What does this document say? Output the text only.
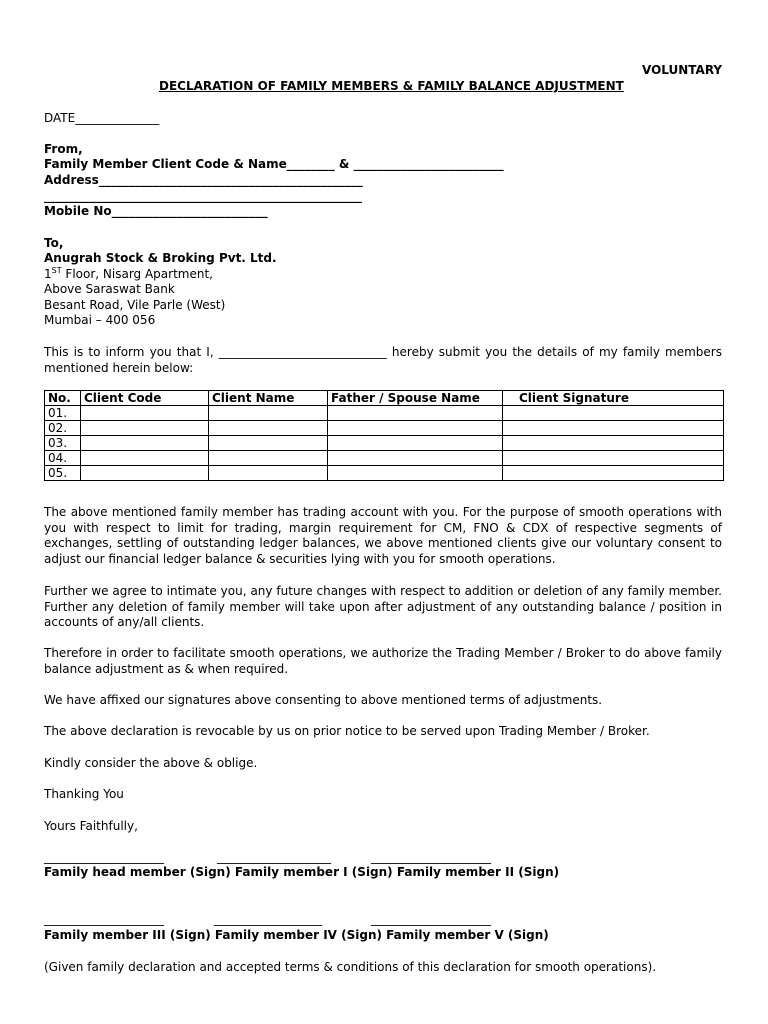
VOLUNTARY
DECLARATION OF FAMILY MEMBERS & FAMILY BALANCE ADJUSTMENT
DATE______________
From,
Family Member Client Code & Name________ & _________________________
Address____________________________________________
_____________________________________________________
Mobile No__________________________
To,
Anugrah Stock & Broking Pvt. Ltd.
1ST Floor, Nisarg Apartment,
Above Saraswat Bank
Besant Road, Vile Parle (West)
Mumbai – 400 056
This is to inform you that I, ____________________________ hereby submit you the details of my family members mentioned herein below:
No.	Client Code	Client Name	Father / Spouse Name	Client Signature
01.				
02.				
03.				
04.				
05.				
The above mentioned family member has trading account with you. For the purpose of smooth operations with you with respect to limit for trading, margin requirement for CM, FNO & CDX of respective segments of exchanges, settling of outstanding ledger balances, we above mentioned clients give our voluntary consent to adjust our financial ledger balance & securities lying with you for smooth operations.
Further we agree to intimate you, any future changes with respect to addition or deletion of any family member. Further any deletion of family member will take upon after adjustment of any outstanding balance / position in accounts of any/all clients.
Therefore in order to facilitate smooth operations, we authorize the Trading Member / Broker to do above family balance adjustment as & when required.
We have affixed our signatures above consenting to above mentioned terms of adjustments.
The above declaration is revocable by us on prior notice to be served upon Trading Member / Broker.
Kindly consider the above & oblige.
Thanking You
Yours Faithfully,
____________________	___________________	____________________
Family head member (Sign) Family member I (Sign) Family member II (Sign)
____________________	__________________	____________________
Family member III (Sign) Family member IV (Sign) Family member V (Sign)
(Given family declaration and accepted terms & conditions of this declaration for smooth operations).
